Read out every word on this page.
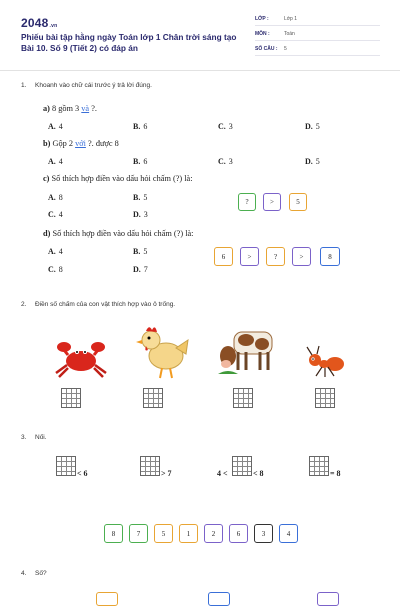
2048.vn
Phiếu bài tập hằng ngày Toán lớp 1 Chân trời sáng tạo Bài 10. Số 9 (Tiết 2) có đáp án
LỚP :	Lớp 1
MÔN :	Toán
SỐ CÂU : 5
1. Khoanh vào chữ cái trước ý trả lời đúng.
a) 8 gồm 3 và ?.
A. 4	B. 6	C. 3	D. 5
b) Gộp 2 với ?. được 8
A. 4	B. 6	C. 3	D. 5
c) Số thích hợp điền vào dấu hỏi chấm (?) là:
A. 8	B. 5
C. 4	D. 3
?	>	5
d) Số thích hợp điền vào dấu hỏi chấm (?) là:
A. 4	B. 5
C. 8	D. 7
6	>	?	>	8
2. Điền số chấm của con vật thích hợp vào ô trống.
3. Nối.
< 6	> 7	4 <	< 8	= 8
8	7	5	1	2	6	3	4
4. Số?
